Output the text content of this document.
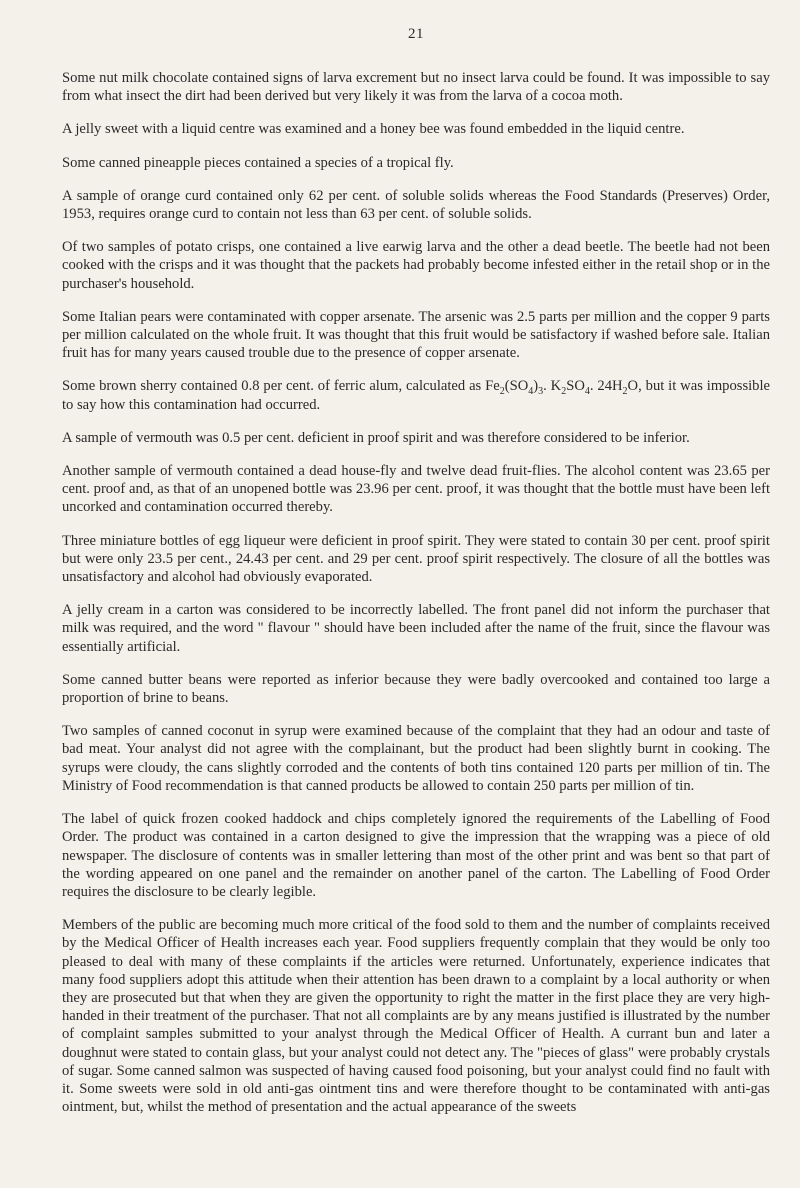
21

Some nut milk chocolate contained signs of larva excrement but no insect larva could be found. It was impossible to say from what insect the dirt had been derived but very likely it was from the larva of a cocoa moth.

A jelly sweet with a liquid centre was examined and a honey bee was found embedded in the liquid centre.

Some canned pineapple pieces contained a species of a tropical fly.

A sample of orange curd contained only 62 per cent. of soluble solids whereas the Food Standards (Preserves) Order, 1953, requires orange curd to contain not less than 63 per cent. of soluble solids.

Of two samples of potato crisps, one contained a live earwig larva and the other a dead beetle. The beetle had not been cooked with the crisps and it was thought that the packets had probably become infested either in the retail shop or in the purchaser's household.

Some Italian pears were contaminated with copper arsenate. The arsenic was 2.5 parts per million and the copper 9 parts per million calculated on the whole fruit. It was thought that this fruit would be satisfactory if washed before sale. Italian fruit has for many years caused trouble due to the presence of copper arsenate.

Some brown sherry contained 0.8 per cent. of ferric alum, calculated as $Fe_2(SO_4)_3$. $K_2SO_4$. $24H_2O$, but it was impossible to say how this contamination had occurred.

A sample of vermouth was 0.5 per cent. deficient in proof spirit and was therefore considered to be inferior.

Another sample of vermouth contained a dead house-fly and twelve dead fruit-flies. The alcohol content was 23.65 per cent. proof and, as that of an unopened bottle was 23.96 per cent. proof, it was thought that the bottle must have been left uncorked and contamination occurred thereby.

Three miniature bottles of egg liqueur were deficient in proof spirit. They were stated to contain 30 per cent. proof spirit but were only 23.5 per cent., 24.43 per cent. and 29 per cent. proof spirit respectively. The closure of all the bottles was unsatisfactory and alcohol had obviously evaporated.

A jelly cream in a carton was considered to be incorrectly labelled. The front panel did not inform the purchaser that milk was required, and the word " flavour " should have been included after the name of the fruit, since the flavour was essentially artificial.

Some canned butter beans were reported as inferior because they were badly overcooked and contained too large a proportion of brine to beans.

Two samples of canned coconut in syrup were examined because of the complaint that they had an odour and taste of bad meat. Your analyst did not agree with the complainant, but the product had been slightly burnt in cooking. The syrups were cloudy, the cans slightly corroded and the contents of both tins contained 120 parts per million of tin. The Ministry of Food recommendation is that canned products be allowed to contain 250 parts per million of tin.

The label of quick frozen cooked haddock and chips completely ignored the requirements of the Labelling of Food Order. The product was contained in a carton designed to give the impression that the wrapping was a piece of old newspaper. The disclosure of contents was in smaller lettering than most of the other print and was bent so that part of the wording appeared on one panel and the remainder on another panel of the carton. The Labelling of Food Order requires the disclosure to be clearly legible.

Members of the public are becoming much more critical of the food sold to them and the number of complaints received by the Medical Officer of Health increases each year. Food suppliers frequently complain that they would be only too pleased to deal with many of these complaints if the articles were returned. Unfortunately, experience indicates that many food suppliers adopt this attitude when their attention has been drawn to a complaint by a local authority or when they are prosecuted but that when they are given the opportunity to right the matter in the first place they are very high-handed in their treatment of the purchaser. That not all complaints are by any means justified is illustrated by the number of complaint samples submitted to your analyst through the Medical Officer of Health. A currant bun and later a doughnut were stated to contain glass, but your analyst could not detect any. The "pieces of glass" were probably crystals of sugar. Some canned salmon was suspected of having caused food poisoning, but your analyst could find no fault with it. Some sweets were sold in old anti-gas ointment tins and were therefore thought to be contaminated with anti-gas ointment, but, whilst the method of presentation and the actual appearance of the sweets
